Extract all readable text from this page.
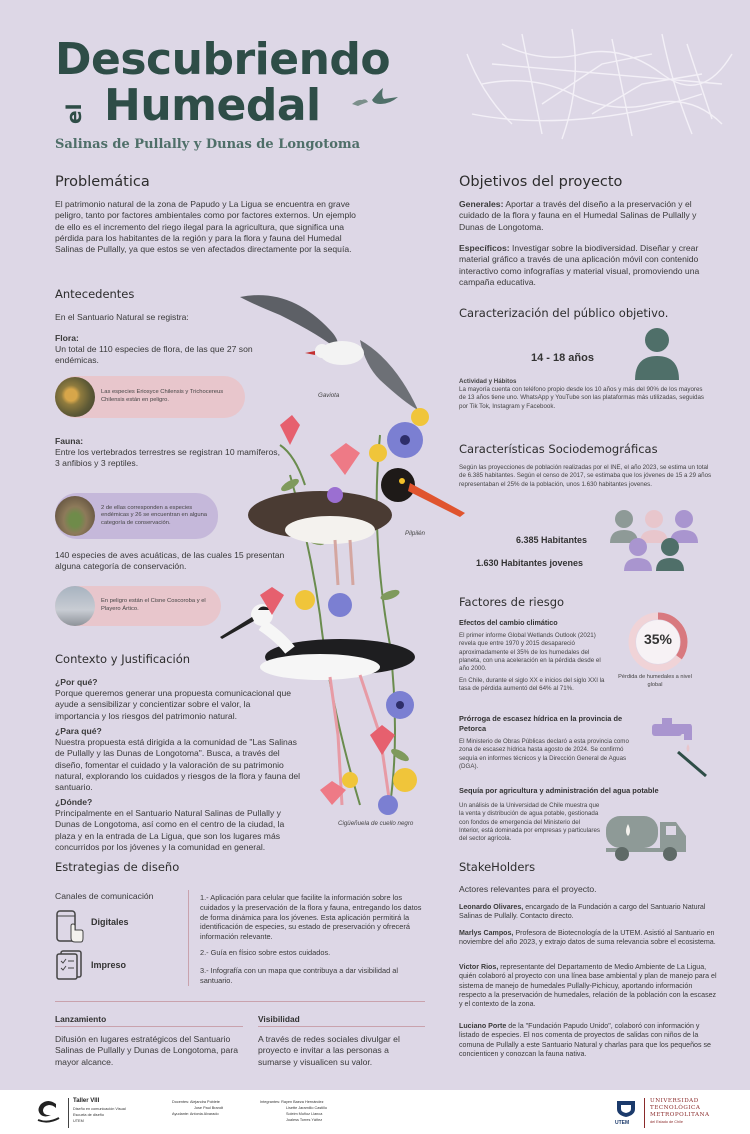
Descubriendo
el Humedal
Salinas de Pullally y Dunas de Longotoma
Problemática
El patrimonio natural de la zona de Papudo y La Ligua se encuentra en grave peligro, tanto por factores ambientales como por factores externos. Un ejemplo de ello es el incremento del riego ilegal para la agricultura, que significa una pérdida para los habitantes de la región y para la flora y fauna del Humedal Salinas de Pullally, ya que estos se ven afectados directamente por la sequía.
Antecedentes
En el Santuario Natural se registra:
Flora:
Un total de 110 especies de flora, de las que 27 son endémicas.
Las especies Eriosyce Chilensis y Trichocereus Chilensis están en peligro.
Fauna:
Entre los vertebrados terrestres se registran 10 mamíferos, 3 anfibios y 3 reptiles.
2 de ellas corresponden a especies endémicas y 26 se encuentran en alguna categoría de conservación.
140 especies de aves acuáticas, de las cuales 15 presentan alguna categoría de conservación.
En peligro están el Cisne Coscoroba y el Playero Ártico.
Contexto y Justificación
¿Por qué?
Porque queremos generar una propuesta comunicacional que ayude a sensibilizar y concientizar sobre el valor, la importancia y los riesgos del patrimonio natural.
¿Para qué?
Nuestra propuesta está dirigida a la comunidad de "Las Salinas de Pullally y las Dunas de Longotoma". Busca, a través del diseño, fomentar el cuidado y la valoración de su patrimonio natural, explorando los cuidados y riesgos de la flora y fauna del santuario.
¿Dónde?
Principalmente en el Santuario Natural Salinas de Pullally y Dunas de Longotoma, así como en el centro de la ciudad, la plaza y en la entrada de La Ligua, que son los lugares más concurridos por los jóvenes y la comunidad en general.
Gaviota
Pilpilén
Cigüeñuela de cuello negro
Objetivos del proyecto
Generales: Aportar a través del diseño a la preservación y el cuidado de la flora y fauna en el Humedal Salinas de Pullally y Dunas de Longotoma.
Específicos: Investigar sobre la biodiversidad. Diseñar y crear material gráfico a través de una aplicación móvil con contenido interactivo como infografías y material visual, promoviendo una campaña educativa.
Caracterización del público objetivo.
14 - 18 años
Actividad y Hábitos
La mayoría cuenta con teléfono propio desde los 10 años y más del 90% de los mayores de 13 años tiene uno. WhatsApp y YouTube son las plataformas más utilizadas, seguidas por Tik Tok, Instagram y Facebook.
Características Sociodemográficas
Según las proyecciones de población realizadas por el INE, el año 2023, se estima un total de 6.385 habitantes. Según el censo de 2017, se estimaba que los jóvenes de 15 a 29 años representaban el 25% de la población, unos 1.630 habitantes jovenes.
6.385 Habitantes
1.630 Habitantes jovenes
Factores de riesgo
Efectos del cambio climático
El primer informe Global Wetlands Outlook (2021) revela que entre 1970 y 2015 desapareció aproximadamente el 35% de los humedales del planeta, con una aceleración en la pérdida desde el año 2000.
En Chile, durante el siglo XX e inicios del siglo XXI la tasa de pérdida aumentó del 64% al 71%.
35%
Pérdida de humedales a nivel global
Prórroga de escasez hídrica en la provincia de Petorca
El Ministerio de Obras Públicas declaró a esta provincia como zona de escasez hídrica hasta agosto de 2024. Se confirmó sequía en informes técnicos y la Dirección General de Aguas (DGA).
Sequía por agricultura y administración del agua potable
Un análisis de la Universidad de Chile muestra que la venta y distribución de agua potable, gestionada con fondos de emergencia del Ministerio del Interior, está dominada por empresas y particulares del sector agrícola.
Estrategias de diseño
Canales de comunicación
Digitales
Impreso
1.- Aplicación para celular que facilite la información sobre los cuidados y la preservación de la flora y fauna, entregando los datos de forma dinámica para los jóvenes. Esta aplicación permitirá la identificación de especies, su estado de preservación y ofrecerá información relevante.
2.- Guía en físico sobre estos cuidados.
3.- Infografía con un mapa que contribuya a dar visibilidad al santuario.
Lanzamiento
Difusión en lugares estratégicos del Santuario Salinas de Pullally y Dunas de Longotoma, para mayor alcance.
Visibilidad
A través de redes sociales divulgar el proyecto e invitar a las personas a sumarse y visualicen su valor.
StakeHolders
Actores relevantes para el proyecto.
Leonardo Olivares, encargado de la Fundación a cargo del Santuario Natural Salinas de Pullally. Contacto directo.
Marlys Campos, Profesora de Biotecnología de la UTEM. Asistió al Santuario en noviembre del año 2023, y extrajo datos de suma relevancia sobre el ecosistema.
Victor Rios, representante del Departamento de Medio Ambiente de La Ligua, quién colaboró al proyecto con una línea base ambiental y plan de manejo para el sistema de manejo de humedales Pullally-Pichicuy, aportando información respecto a la preservación de humedales, relación de la población con la escasez y el contexto de la zona.
Luciano Porte de la "Fundación Papudo Unido", colaboró con información y listado de especies. El nos comenta de proyectos de salidas con niños de la comuna de Pullally a este Santuario Natural y charlas para que los pequeños se concienticen y conozcan la fauna nativa.
Taller VIII
Diseño en comunicación Visual
Escuela de diseño
UTEM
Docentes: Alejandra Poblete
Jose Paul Brandt
Ayudante: Antonia Alvarado
Integrantes: Rayen Baeza Hernández
Lisette Jaramillo Castillo
Soleim Muñoz Llanca
Joaless Torres Yáñez	UTEM
UNIVERSIDAD
TECNOLÓGICA
METROPOLITANA
del Estado de Chile
